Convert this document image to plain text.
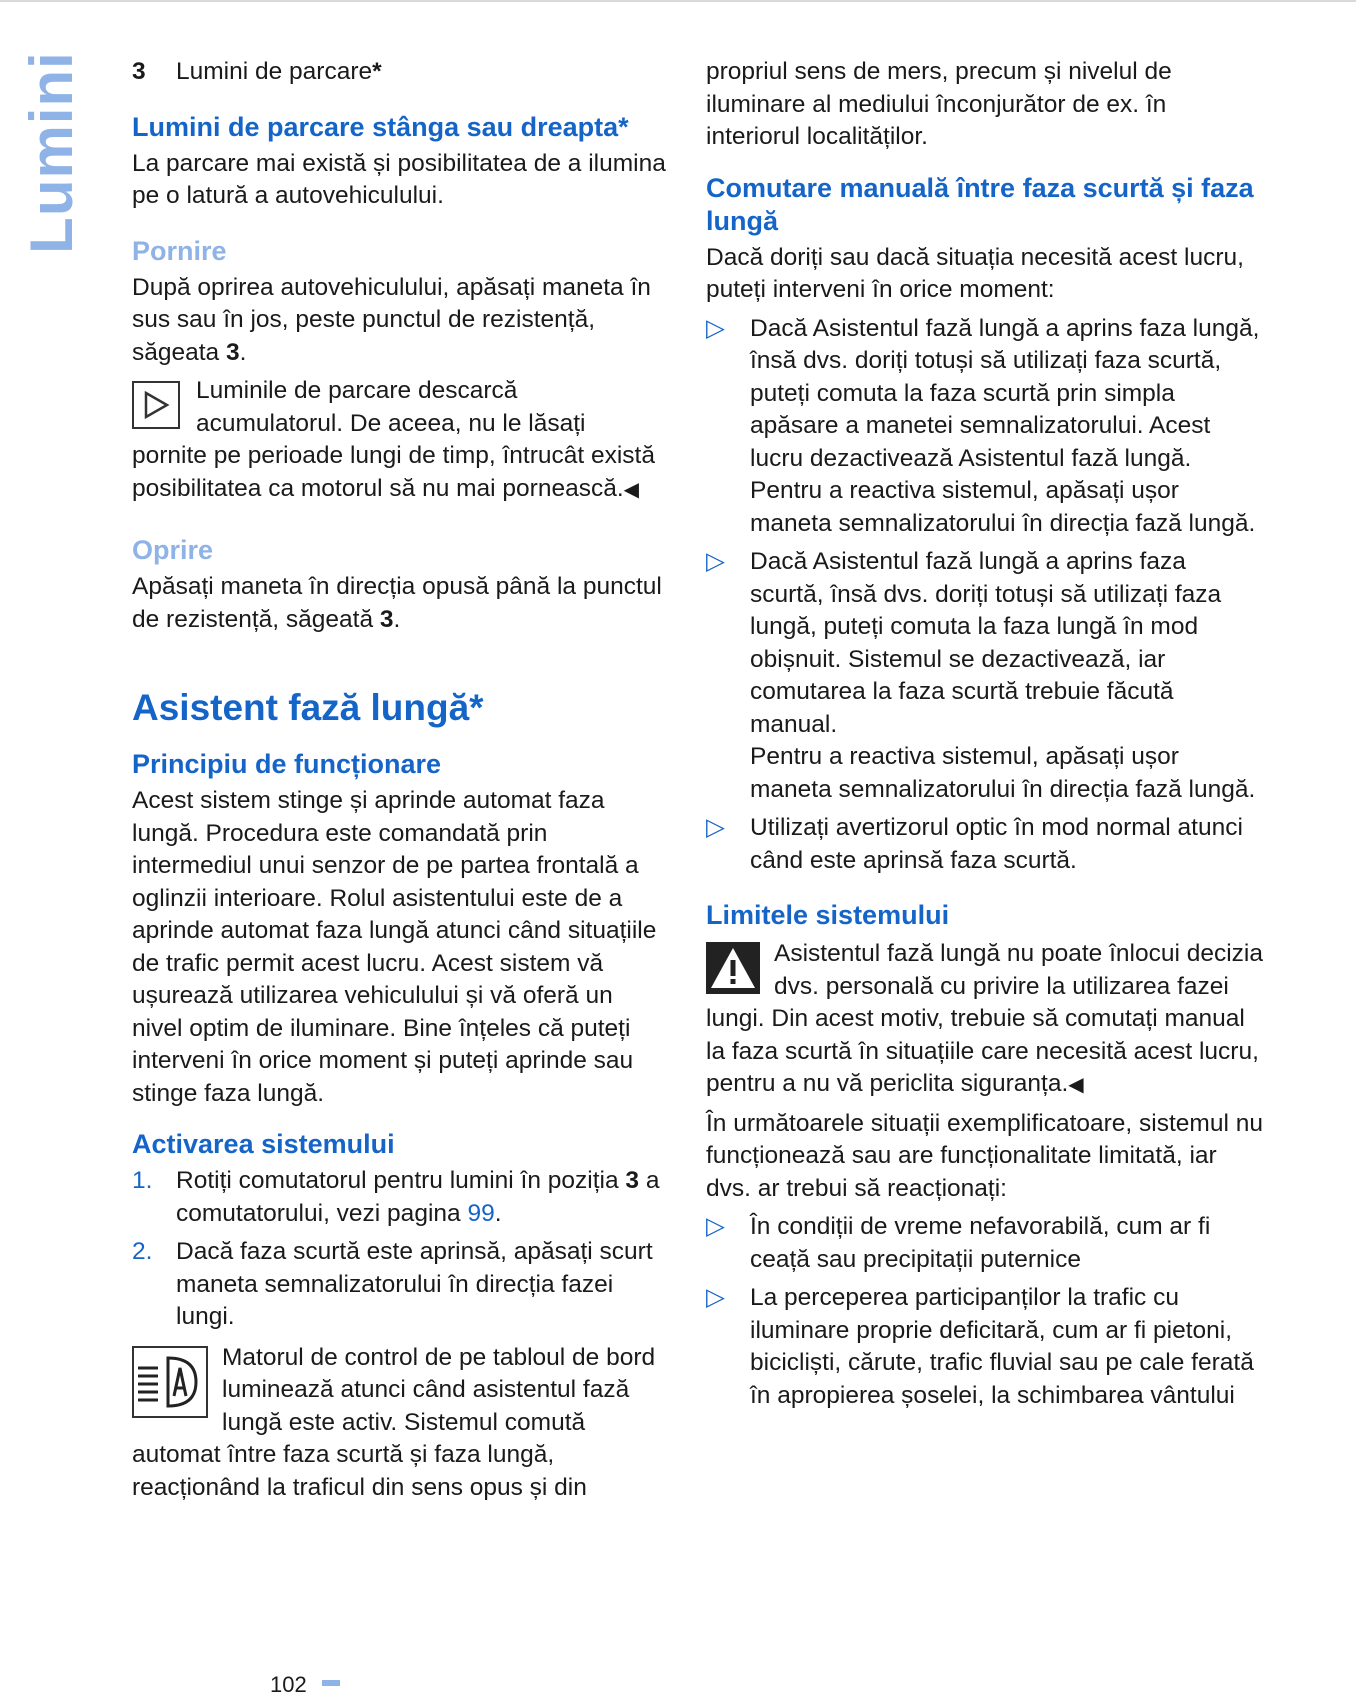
Lumini 3	Lumini de parcare*
Lumini de parcare stânga sau dreapta*

La parcare mai există și posibilitatea de a ilumina pe o latură a autovehiculului.

Pornire

După oprirea autovehiculului, apăsați maneta în sus sau în jos, peste punctul de rezistență, săgeata 3.

Luminile de parcare descarcă acumulatorul. De aceea, nu le lăsați pornite pe perioade lungi de timp, întrucât există posibilitatea ca motorul să nu mai pornească.◀
Oprire

Apăsați maneta în direcția opusă până la punctul de rezistență, săgeată 3.

Asistent fază lungă*
Principiu de funcționare

Acest sistem stinge și aprinde automat faza lungă. Procedura este comandată prin intermediul unui senzor de pe partea frontală a oglinzii interioare. Rolul asistentului este de a aprinde automat faza lungă atunci când situațiile de trafic permit acest lucru. Acest sistem vă ușurează utilizarea vehiculului și vă oferă un nivel optim de iluminare. Bine înțeles că puteți interveni în orice moment și puteți aprinde sau stinge faza lungă.

Activarea sistemului
1. Rotiți comutatorul pentru lumini în poziția 3 a comutatorului, vezi pagina 99.
2. Dacă faza scurtă este aprinsă, apăsați scurt maneta semnalizatorului în direcția fazei lungi.
Matorul de control de pe tabloul de bord luminează atunci când asistentul fază lungă este activ. Sistemul comută automat între faza scurtă și faza lungă, reacționând la traficul din sens opus și din

propriul sens de mers, precum și nivelul de iluminare al mediului înconjurător de ex. în interiorul localităților.

Comutare manuală între faza scurtă și faza lungă

Dacă doriți sau dacă situația necesită acest lucru, puteți interveni în orice moment:

▷	Dacă Asistentul fază lungă a aprins faza lungă, însă dvs. doriți totuși să utilizați faza scurtă, puteți comuta la faza scurtă prin simpla apăsare a manetei semnalizatorului. Acest lucru dezactivează Asistentul fază lungă.
Pentru a reactiva sistemul, apăsați ușor maneta semnalizatorului în direcția fază lungă.
▷	Dacă Asistentul fază lungă a aprins faza scurtă, însă dvs. doriți totuși să utilizați faza lungă, puteți comuta la faza lungă în mod obișnuit. Sistemul se dezactivează, iar comutarea la faza scurtă trebuie făcută manual.
Pentru a reactiva sistemul, apăsați ușor maneta semnalizatorului în direcția fază lungă.
▷	Utilizați avertizorul optic în mod normal atunci când este aprinsă faza scurtă.
Limitele sistemului
Asistentul fază lungă nu poate înlocui decizia dvs. personală cu privire la utilizarea fazei lungi. Din acest motiv, trebuie să comutați manual la faza scurtă în situațiile care necesită acest lucru, pentru a nu vă periclita siguranța.◀

În următoarele situații exemplificatoare, sistemul nu funcționează sau are funcționalitate limitată, iar dvs. ar trebui să reacționați:

▷	În condiții de vreme nefavorabilă, cum ar fi ceață sau precipitații puternice
▷	La perceperea participanților la trafic cu iluminare proprie deficitară, cum ar fi pietoni, bicicliști, cărute, trafic fluvial sau pe cale ferată în apropierea șoselei, la schimbarea vântului
102
